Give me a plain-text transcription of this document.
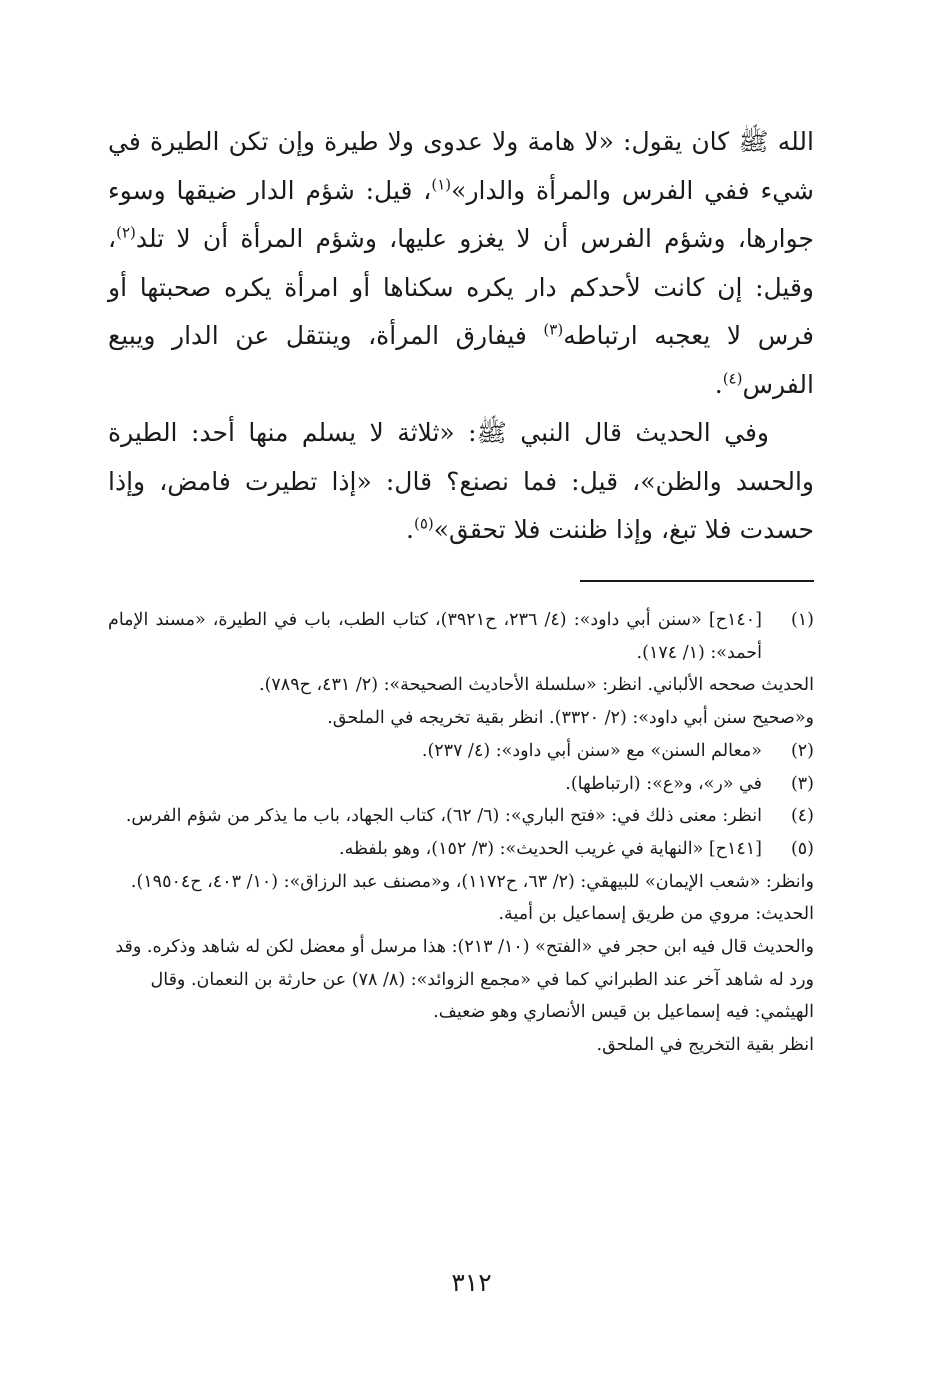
الله ﷺ كان يقول: «لا هامة ولا عدوى ولا طيرة وإن تكن الطيرة في شيء ففي الفرس والمرأة والدار»$^{(١)}$، قيل: شؤم الدار ضيقها وسوء جوارها، وشؤم الفرس أن لا يغزو عليها، وشؤم المرأة أن لا تلد$^{(٢)}$، وقيل: إن كانت لأحدكم دار يكره سكناها أو امرأة يكره صحبتها أو فرس لا يعجبه ارتباطه$^{(٣)}$ فيفارق المرأة، وينتقل عن الدار ويبيع الفرس$^{(٤)}$.

وفي الحديث قال النبي ﷺ: «ثلاثة لا يسلم منها أحد: الطيرة والحسد والظن»، قيل: فما نصنع؟ قال: «إذا تطيرت فامض، وإذا حسدت فلا تبغ، وإذا ظننت فلا تحقق»$^{(٥)}$.

(١)
[١٤٠ح] «سنن أبي داود»: (٤/ ٢٣٦، ح٣٩٢١)، كتاب الطب، باب في الطيرة، «مسند الإمام أحمد»: (١/ ١٧٤).

الحديث صححه الألباني. انظر: «سلسلة الأحاديث الصحيحة»: (٢/ ٤٣١، ح٧٨٩).

و«صحيح سنن أبي داود»: (٢/ ٣٣٢٠). انظر بقية تخريجه في الملحق.

(٢)
«معالم السنن» مع «سنن أبي داود»: (٤/ ٢٣٧).
(٣)
في «ر»، و«ع»: (ارتباطها).
(٤)
انظر: معنى ذلك في: «فتح الباري»: (٦/ ٦٢)، كتاب الجهاد، باب ما يذكر من شؤم الفرس.
(٥)
[١٤١ح] «النهاية في غريب الحديث»: (٣/ ١٥٢)، وهو بلفظه.

وانظر: «شعب الإيمان» للبيهقي: (٢/ ٦٣، ح١١٧٢)، و«مصنف عبد الرزاق»: (١٠/ ٤٠٣، ح١٩٥٠٤).

الحديث: مروي من طريق إسماعيل بن أمية.

والحديث قال فيه ابن حجر في «الفتح» (١٠/ ٢١٣): هذا مرسل أو معضل لكن له شاهد وذكره. وقد ورد له شاهد آخر عند الطبراني كما في «مجمع الزوائد»: (٨/ ٧٨) عن حارثة بن النعمان. وقال الهيثمي: فيه إسماعيل بن قيس الأنصاري وهو ضعيف.

انظر بقية التخريج في الملحق.

٣١٢
